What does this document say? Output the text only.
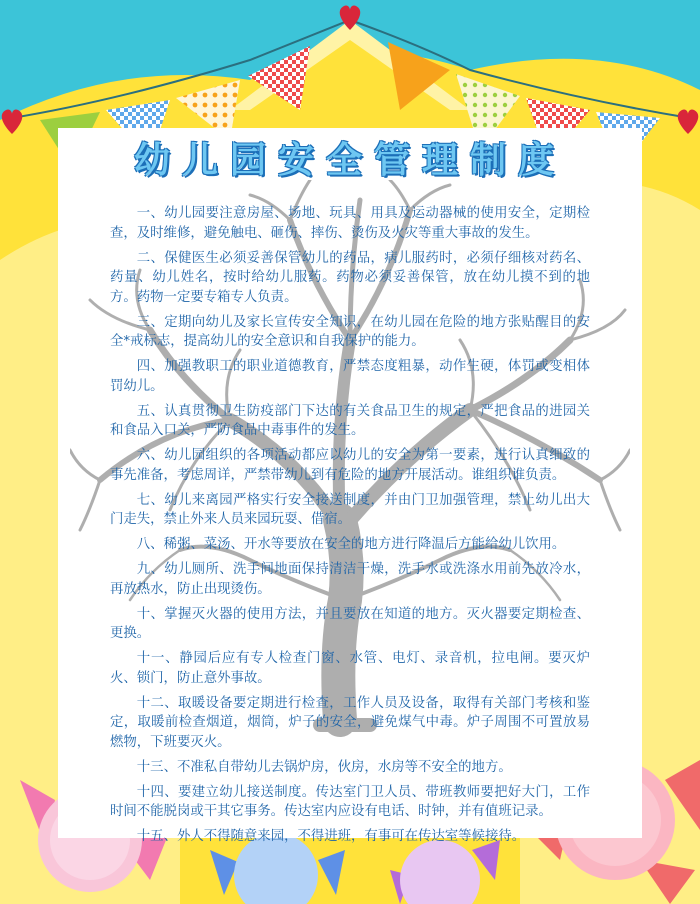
幼儿园安全管理制度

一、幼儿园要注意房屋、场地、玩具、用具及运动器械的使用安全，定期检查，及时维修，避免触电、砸伤、摔伤、烫伤及火灾等重大事故的发生。

二、保健医生必须妥善保管幼儿的药品，病儿服药时，必须仔细核对药名、药量、幼儿姓名，按时给幼儿服药。药物必须妥善保管，放在幼儿摸不到的地方。药物一定要专箱专人负责。

三、定期向幼儿及家长宣传安全知识，在幼儿园在危险的地方张贴醒目的安全*戒标志，提高幼儿的安全意识和自我保护的能力。

四、加强教职工的职业道德教育，严禁态度粗暴，动作生硬，体罚或变相体罚幼儿。

五、认真贯彻卫生防疫部门下达的有关食品卫生的规定，严把食品的进园关和食品入口关，严防食品中毒事件的发生。

六、幼儿园组织的各项活动都应以幼儿的安全为第一要素，进行认真细致的事先准备，考虑周详，严禁带幼儿到有危险的地方开展活动。谁组织谁负责。

七、幼儿来离园严格实行安全接送制度，并由门卫加强管理，禁止幼儿出大门走失，禁止外来人员来园玩耍、借宿。

八、稀粥、菜汤、开水等要放在安全的地方进行降温后方能给幼儿饮用。

九、幼儿厕所、洗手间地面保持清洁干燥，洗手水或洗涤水用前先放冷水，再放热水，防止出现烫伤。

十、掌握灭火器的使用方法，并且要放在知道的地方。灭火器要定期检查、更换。

十一、静园后应有专人检查门窗、水管、电灯、录音机，拉电闸。要灭炉火、锁门，防止意外事故。

十二、取暖设备要定期进行检查，工作人员及设备，取得有关部门考核和鉴定，取暖前检查烟道，烟筒，炉子的安全，避免煤气中毒。炉子周围不可置放易燃物，下班要灭火。

十三、不准私自带幼儿去锅炉房，伙房，水房等不安全的地方。

十四、要建立幼儿接送制度。传达室门卫人员、带班教师要把好大门，工作时间不能脱岗或干其它事务。传达室内应设有电话、时钟，并有值班记录。

十五、外人不得随意来园，不得进班，有事可在传达室等候接待。
